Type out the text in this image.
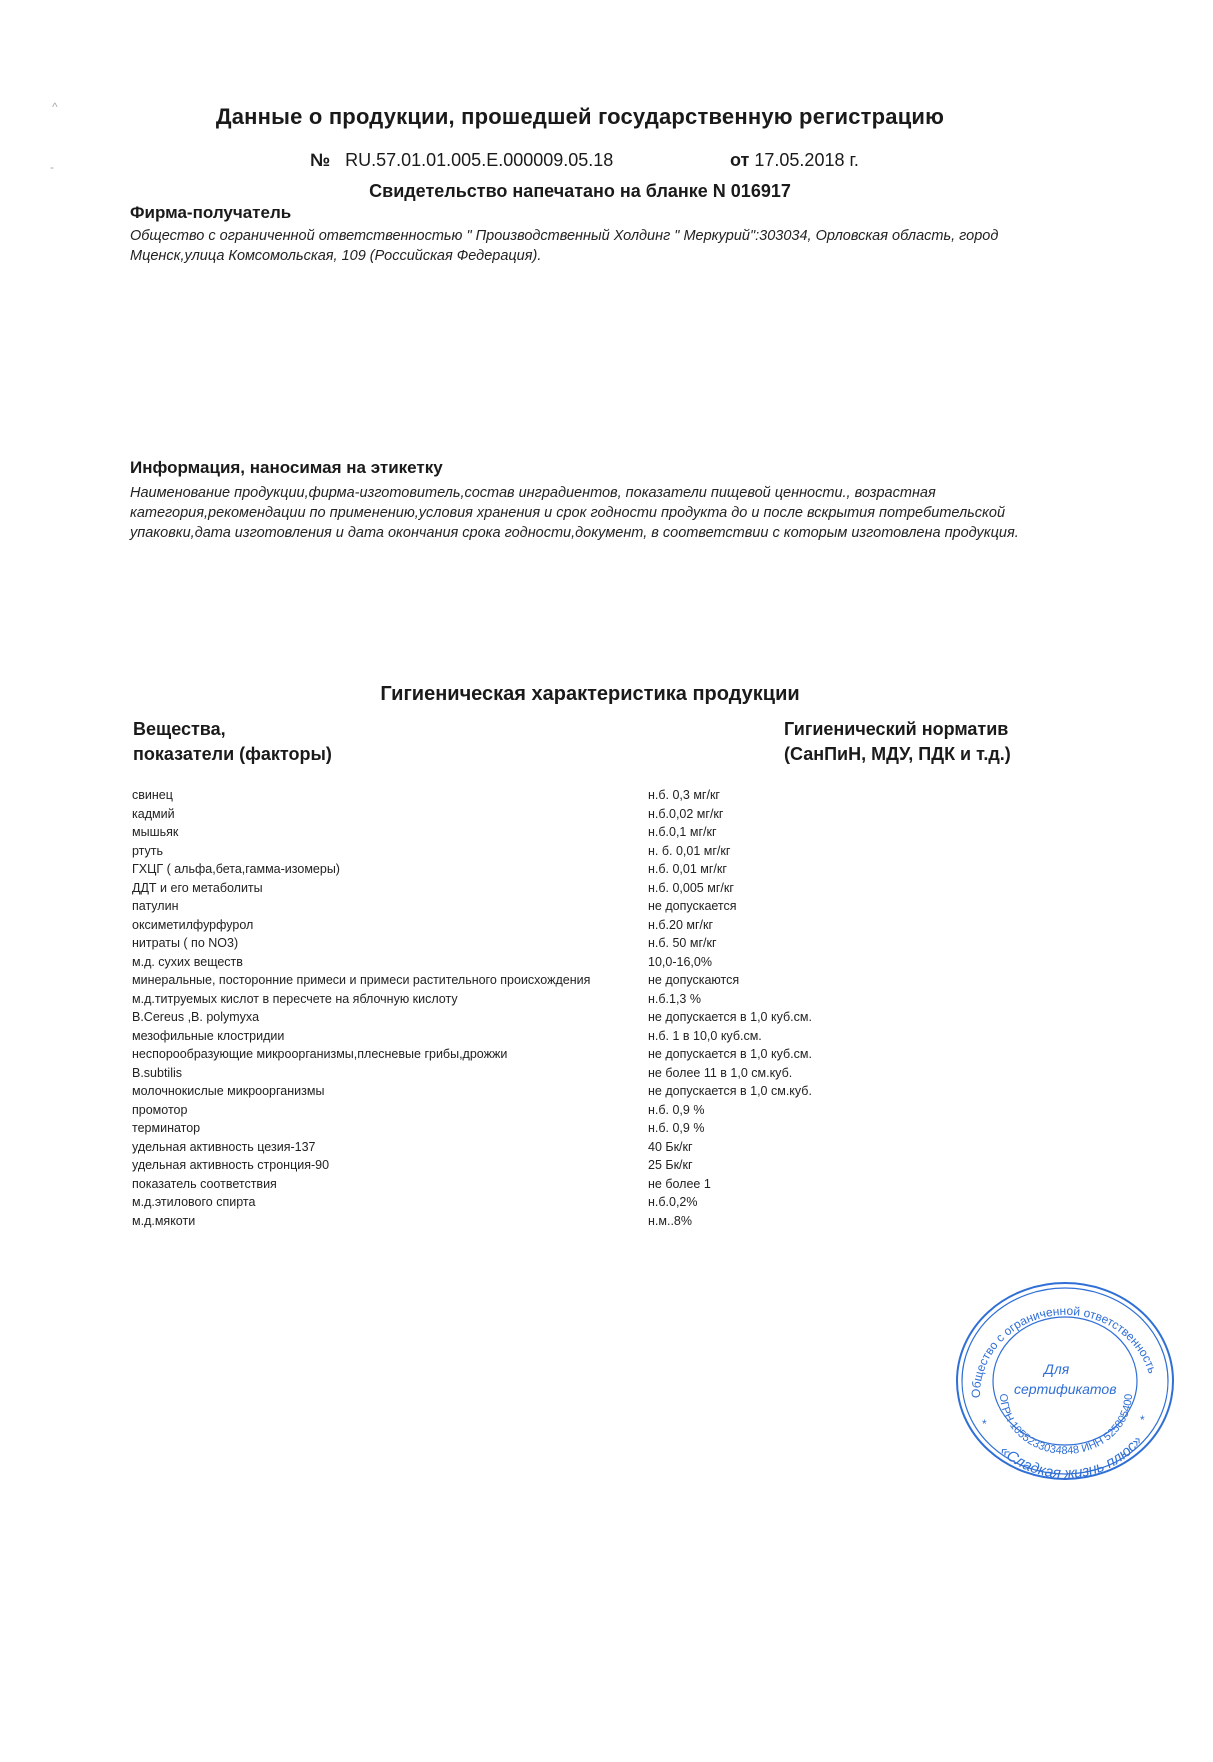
^
-
Данные о продукции, прошедшей государственную регистрацию
№ RU.57.01.01.005.E.000009.05.18	от 17.05.2018 г.
Свидетельство напечатано на бланке N 016917
Фирма-получатель
Общество с ограниченной ответственностью " Производственный Холдинг " Меркурий":303034, Орловская область, город Мценск,улица Комсомольская, 109 (Российская Федерация).
Информация, наносимая на этикетку
Наименование продукции,фирма-изготовитель,состав ингрaдиентов, показатели пищевой ценности., возрастная категория,рекомендации по применению,условия хранения и срок годности продукта до и после вскрытия потребительской упаковки,дата изготовления и дата окончания срока годности,документ, в соответствии с которым изготовлена продукция.
Гигиеническая характеристика продукции
Вещества,
показатели (факторы)
Гигиенический норматив
(СанПиН, МДУ, ПДК и т.д.)
свинец	н.б. 0,3 мг/кг
кадмий	н.б.0,02 мг/кг
мышьяк	н.б.0,1 мг/кг
ртуть	н. б. 0,01 мг/кг
ГХЦГ ( альфа,бета,гамма-изомеры)	н.б. 0,01 мг/кг
ДДТ и его метаболиты	н.б. 0,005 мг/кг
патулин	не допускается
оксиметилфурфурол	н.б.20 мг/кг
нитраты ( по NO3)	н.б. 50 мг/кг
м.д. сухих веществ	10,0-16,0%
минеральные, посторонние примеси и примеси растительного происхождения	не допускаются
м.д.титруемых кислот в пересчете на яблочную кислоту	н.б.1,3 %
B.Cereus ,B. polymyxa	не допускается в 1,0 куб.см.
мезофильные клостридии	н.б. 1 в 10,0 куб.см.
неспорообразующие микроорганизмы,плесневые грибы,дрожжи	не допускается в 1,0 куб.см.
B.subtilis	не более 11 в 1,0 см.куб.
молочнокислые микроорганизмы	не допускается в 1,0 см.куб.
промотор	н.б. 0,9 %
терминатор	н.б. 0,9 %
удельная активность цезия-137	40 Бк/кг
удельная активность стронция-90	25 Бк/кг
показатель соответствия	не более 1
м.д.этилового спирта	н.б.0,2%
м.д.мякоти	н.м..8%
Общество с ограниченной ответственность
ОГРН 1055233034848 ИНН 525805400
«Сладкая жизнь плюс»
Для
сертификатов
*	*
